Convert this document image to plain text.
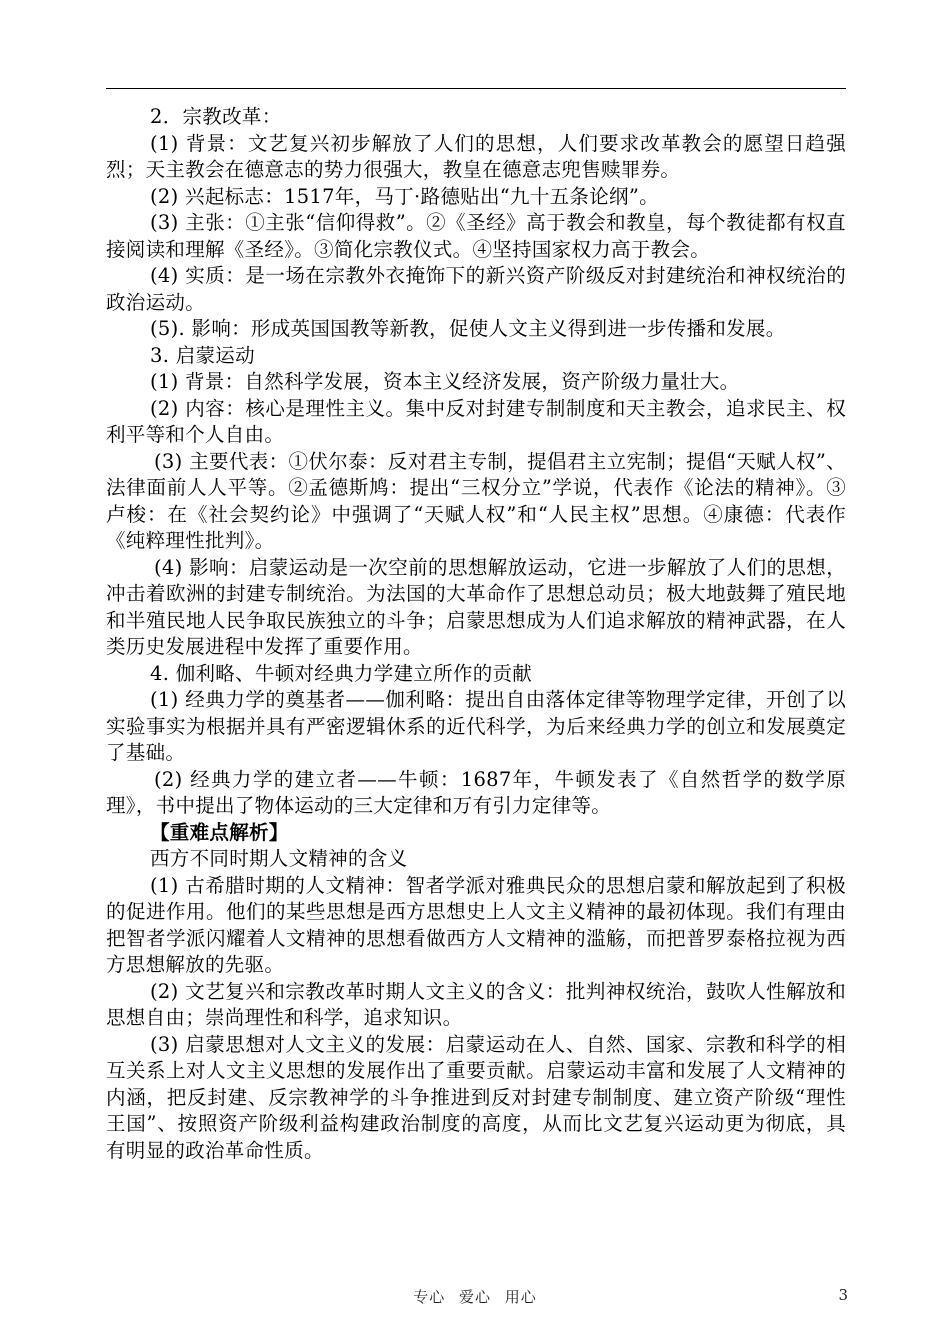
2．宗教改革：

(1) 背景：文艺复兴初步解放了人们的思想，人们要求改革教会的愿望日趋强烈；天主教会在德意志的势力很强大，教皇在德意志兜售赎罪券。

(2) 兴起标志：1517年，马丁·路德贴出“九十五条论纲”。

(3) 主张：①主张“信仰得救”。②《圣经》高于教会和教皇，每个教徒都有权直接阅读和理解《圣经》。③简化宗教仪式。④坚持国家权力高于教会。

(4) 实质：是一场在宗教外衣掩饰下的新兴资产阶级反对封建统治和神权统治的政治运动。

(5). 影响：形成英国国教等新教，促使人文主义得到进一步传播和发展。

3. 启蒙运动

(1) 背景：自然科学发展，资本主义经济发展，资产阶级力量壮大。

(2) 内容：核心是理性主义。集中反对封建专制制度和天主教会，追求民主、权利平等和个人自由。

(3) 主要代表：①伏尔泰：反对君主专制，提倡君主立宪制；提倡“天赋人权”、法律面前人人平等。②孟德斯鸠：提出“三权分立”学说，代表作《论法的精神》。③卢梭：在《社会契约论》中强调了“天赋人权”和“人民主权”思想。④康德：代表作《纯粹理性批判》。

(4) 影响：启蒙运动是一次空前的思想解放运动，它进一步解放了人们的思想，冲击着欧洲的封建专制统治。为法国的大革命作了思想总动员；极大地鼓舞了殖民地和半殖民地人民争取民族独立的斗争；启蒙思想成为人们追求解放的精神武器，在人类历史发展进程中发挥了重要作用。

4. 伽利略、牛顿对经典力学建立所作的贡献

(1) 经典力学的奠基者——伽利略：提出自由落体定律等物理学定律，开创了以实验事实为根据并具有严密逻辑休系的近代科学，为后来经典力学的创立和发展奠定了基础。

(2) 经典力学的建立者——牛顿：1687年，牛顿发表了《自然哲学的数学原理》，书中提出了物体运动的三大定律和万有引力定律等。

【重难点解析】

西方不同时期人文精神的含义

(1) 古希腊时期的人文精神：智者学派对雅典民众的思想启蒙和解放起到了积极的促进作用。他们的某些思想是西方思想史上人文主义精神的最初体现。我们有理由把智者学派闪耀着人文精神的思想看做西方人文精神的滥觞，而把普罗泰格拉视为西方思想解放的先驱。

(2) 文艺复兴和宗教改革时期人文主义的含义：批判神权统治，鼓吹人性解放和思想自由；崇尚理性和科学，追求知识。

(3) 启蒙思想对人文主义的发展：启蒙运动在人、自然、国家、宗教和科学的相互关系上对人文主义思想的发展作出了重要贡献。启蒙运动丰富和发展了人文精神的内涵，把反封建、反宗教神学的斗争推进到反对封建专制制度、建立资产阶级“理性王国”、按照资产阶级利益构建政治制度的高度，从而比文艺复兴运动更为彻底，具有明显的政治革命性质。

专心 爱心 用心	3
